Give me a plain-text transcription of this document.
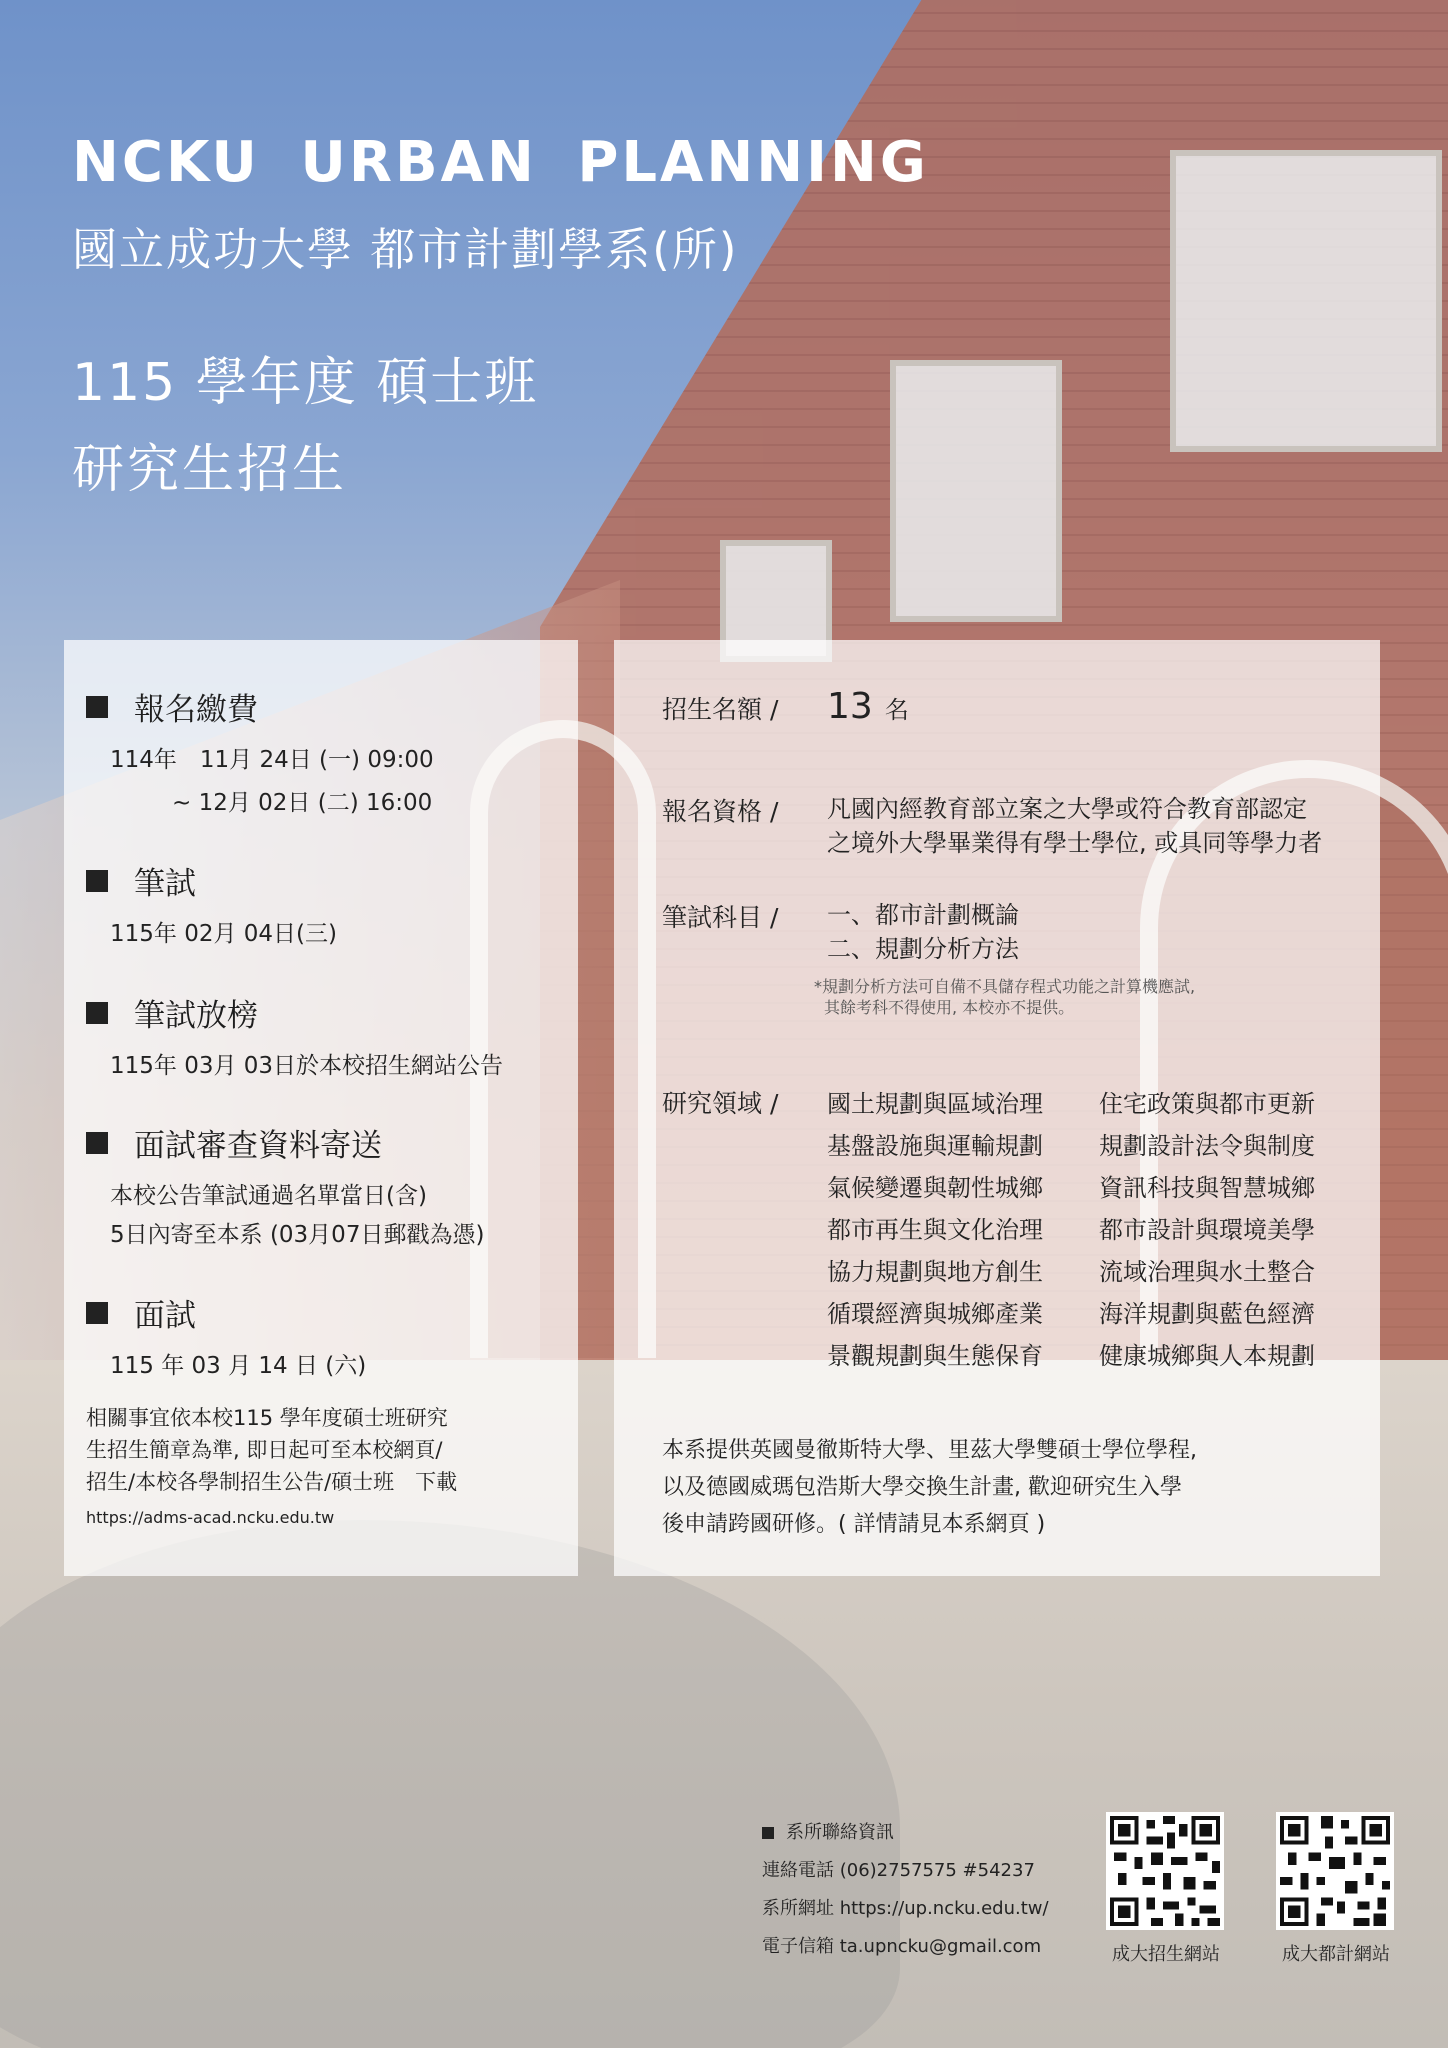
NCKU URBAN PLANNING
國立成功大學 都市計劃學系(所)
115 學年度 碩士班
研究生招生
報名繳費
114年　11月 24日 (一) 09:00
~ 12月 02日 (二) 16:00
筆試
115年 02月 04日(三)
筆試放榜
115年 03月 03日於本校招生網站公告
面試審查資料寄送
本校公告筆試通過名單當日(含)
5日內寄至本系 (03月07日郵戳為憑)
面試
115 年 03 月 14 日 (六)
相關事宜依本校115 學年度碩士班研究
生招生簡章為準, 即日起可至本校網頁/
招生/本校各學制招生公告/碩士班　下載
https://adms-acad.ncku.edu.tw
招生名額 /	13 名
報名資格 /	凡國內經教育部立案之大學或符合教育部認定
之境外大學畢業得有學士學位, 或具同等學力者
筆試科目 /	一、都市計劃概論
二、規劃分析方法
*規劃分析方法可自備不具儲存程式功能之計算機應試,
其餘考科不得使用, 本校亦不提供。
研究領域 /	國土規劃與區域治理	住宅政策與都市更新
基盤設施與運輸規劃	規劃設計法令與制度
氣候變遷與韌性城鄉	資訊科技與智慧城鄉
都市再生與文化治理	都市設計與環境美學
協力規劃與地方創生	流域治理與水土整合
循環經濟與城鄉產業	海洋規劃與藍色經濟
景觀規劃與生態保育	健康城鄉與人本規劃
本系提供英國曼徹斯特大學、里茲大學雙碩士學位學程,
以及德國威瑪包浩斯大學交換生計畫, 歡迎研究生入學
後申請跨國研修。( 詳情請見本系網頁 )
系所聯絡資訊
連絡電話 (06)2757575 #54237
系所網址 https://up.ncku.edu.tw/
電子信箱 ta.upncku@gmail.com	成大招生網站	成大都計網站
